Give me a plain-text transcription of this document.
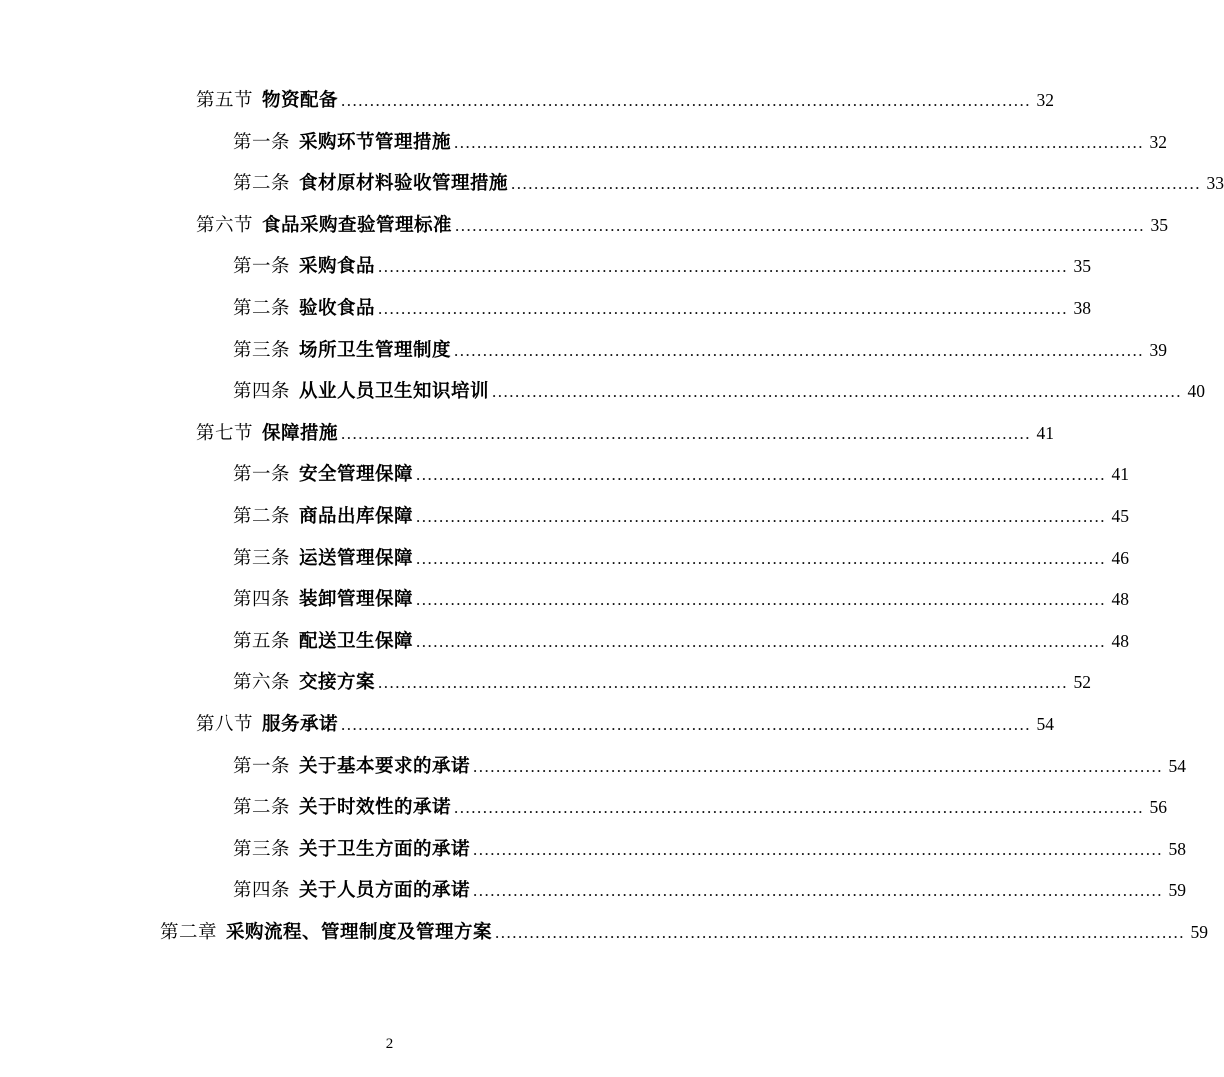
第五节 物资配备 ........................................................................................................................ 32
第一条 采购环节管理措施 ........................................................................................................................ 32
第二条 食材原材料验收管理措施 ........................................................................................................................ 33
第六节 食品采购查验管理标准 ........................................................................................................................ 35
第一条 采购食品 ........................................................................................................................ 35
第二条 验收食品 ........................................................................................................................ 38
第三条 场所卫生管理制度 ........................................................................................................................ 39
第四条 从业人员卫生知识培训 ........................................................................................................................ 40
第七节 保障措施 ........................................................................................................................ 41
第一条 安全管理保障 ........................................................................................................................ 41
第二条 商品出库保障 ........................................................................................................................ 45
第三条 运送管理保障 ........................................................................................................................ 46
第四条 装卸管理保障 ........................................................................................................................ 48
第五条 配送卫生保障 ........................................................................................................................ 48
第六条 交接方案 ........................................................................................................................ 52
第八节 服务承诺 ........................................................................................................................ 54
第一条 关于基本要求的承诺 ........................................................................................................................ 54
第二条 关于时效性的承诺 ........................................................................................................................ 56
第三条 关于卫生方面的承诺 ........................................................................................................................ 58
第四条 关于人员方面的承诺 ........................................................................................................................ 59
第二章 采购流程、管理制度及管理方案 ........................................................................................................................ 59
2
